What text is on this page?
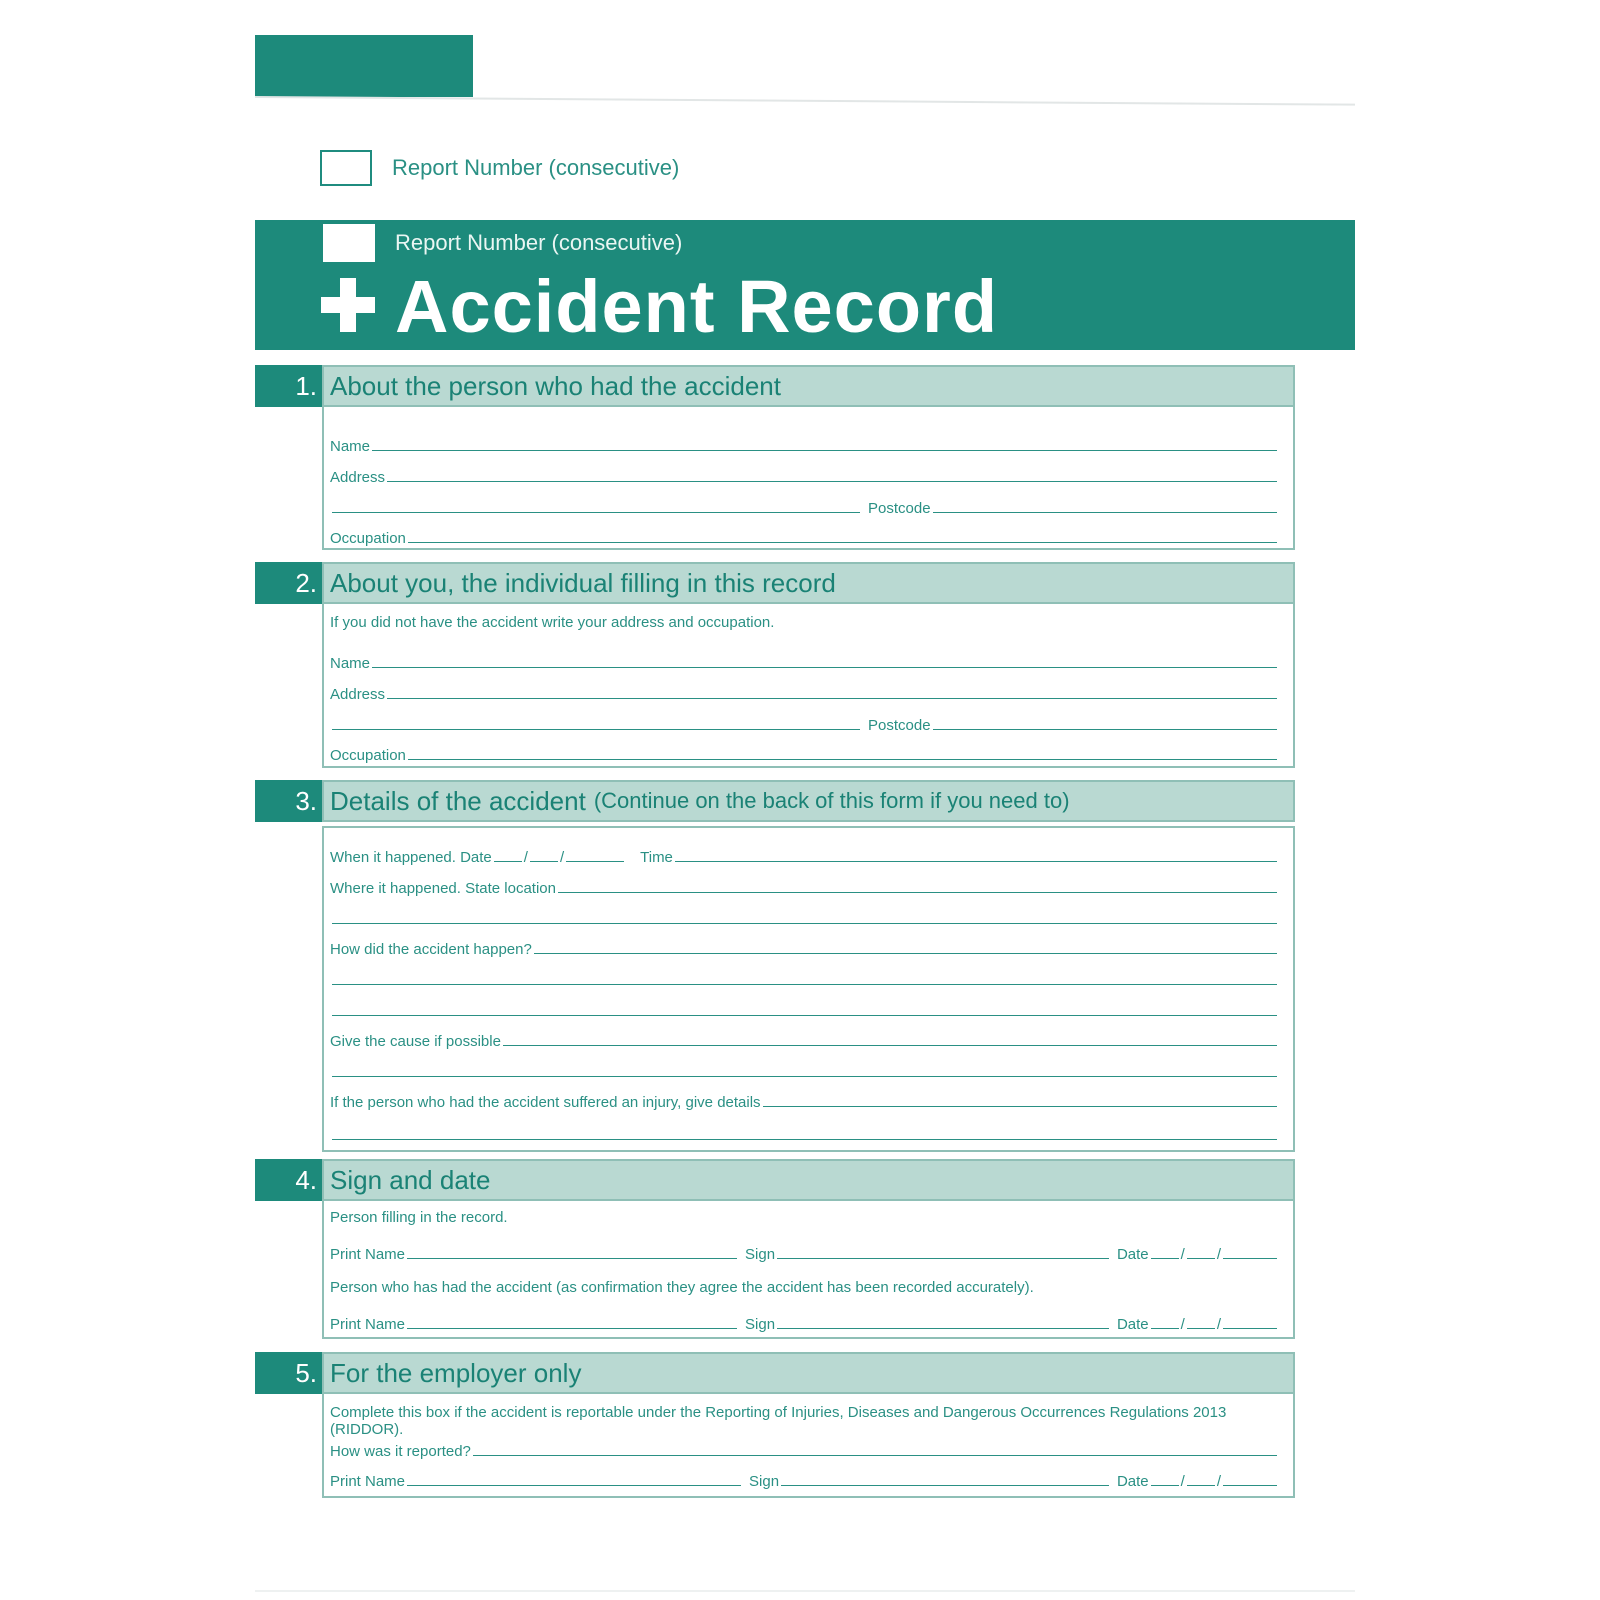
Report Number (consecutive)
Report Number (consecutive)
Accident Record
1. About the person who had the accident
Name
Address
Postcode
Occupation
2. About you, the individual filling in this record
If you did not have the accident write your address and occupation.
Name
Address
Postcode
Occupation
3. Details of the accident (Continue on the back of this form if you need to)
When it happened. Date / /	Time
Where it happened. State location
How did the accident happen?
Give the cause if possible
If the person who had the accident suffered an injury, give details
4. Sign and date
Person filling in the record.
Print Name	Sign	Date / /
Person who has had the accident (as confirmation they agree the accident has been recorded accurately).
Print Name	Sign	Date / /
5. For the employer only
Complete this box if the accident is reportable under the Reporting of Injuries, Diseases and Dangerous Occurrences Regulations 2013 (RIDDOR).
How was it reported?
Print Name	Sign	Date / /
